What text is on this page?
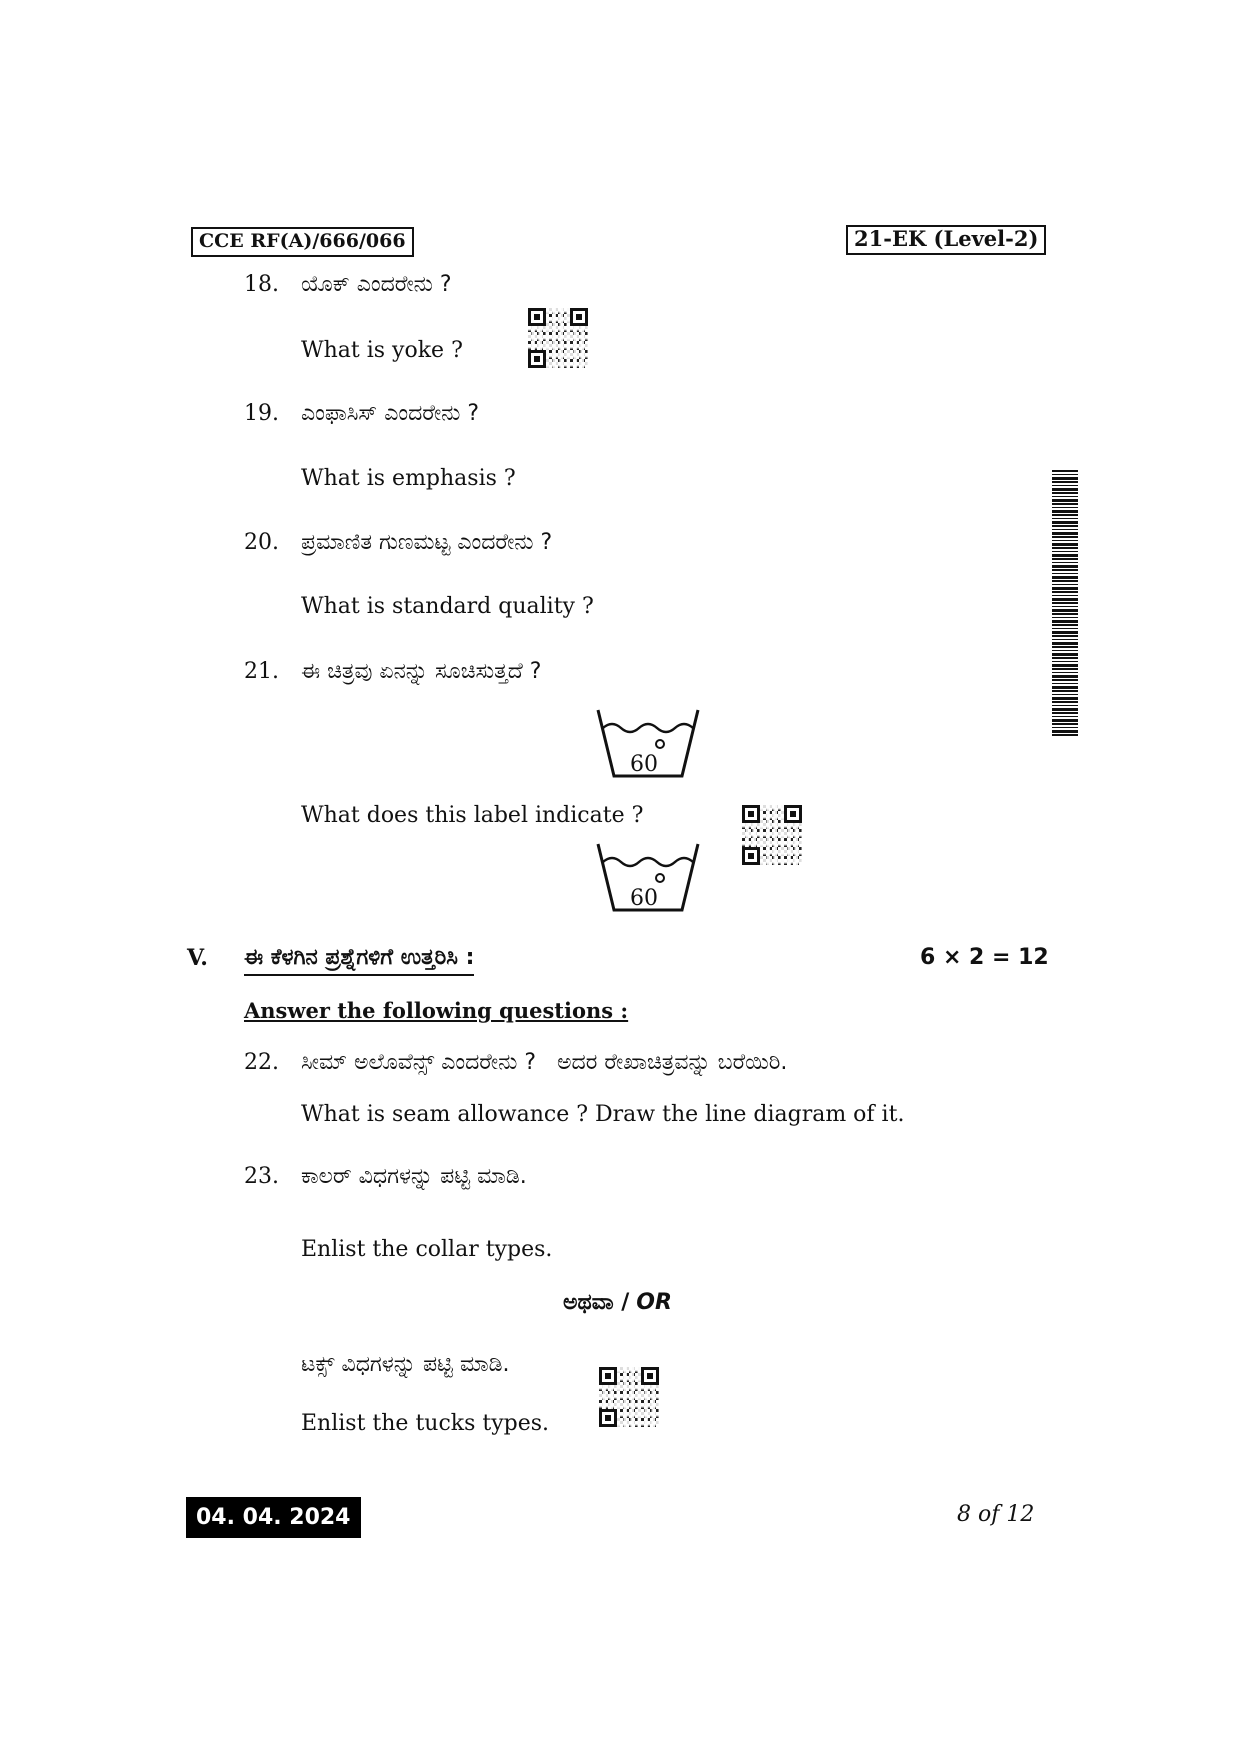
CCE RF(A)/666/066	21-EK (Level-2)
18. ಯೊಕ್ ಎಂದರೇನು ?
What is yoke ?
19. ಎಂಫಾಸಿಸ್ ಎಂದರೇನು ?
What is emphasis ?
20. ಪ್ರಮಾಣಿತ ಗುಣಮಟ್ಟ ಎಂದರೇನು ?
What is standard quality ?
21. ಈ ಚಿತ್ರವು ಏನನ್ನು ಸೂಚಿಸುತ್ತದೆ ?
60
What does this label indicate ?
60
V. ಈ ಕೆಳಗಿನ ಪ್ರಶ್ನೆಗಳಿಗೆ ಉತ್ತರಿಸಿ :	6 × 2 = 12
Answer the following questions :
22. ಸೀಮ್ ಅಲೊವೆನ್ಸ್ ಎಂದರೇನು ?   ಅದರ ರೇಖಾಚಿತ್ರವನ್ನು ಬರೆಯಿರಿ.
What is seam allowance ? Draw the line diagram of it.
23. ಕಾಲರ್ ವಿಧಗಳನ್ನು ಪಟ್ಟಿ ಮಾಡಿ.
Enlist the collar types.
ಅಥವಾ / OR
ಟಕ್ಸ್ ವಿಧಗಳನ್ನು ಪಟ್ಟಿ ಮಾಡಿ.
Enlist the tucks types.
04. 04. 2024	8 of 12
